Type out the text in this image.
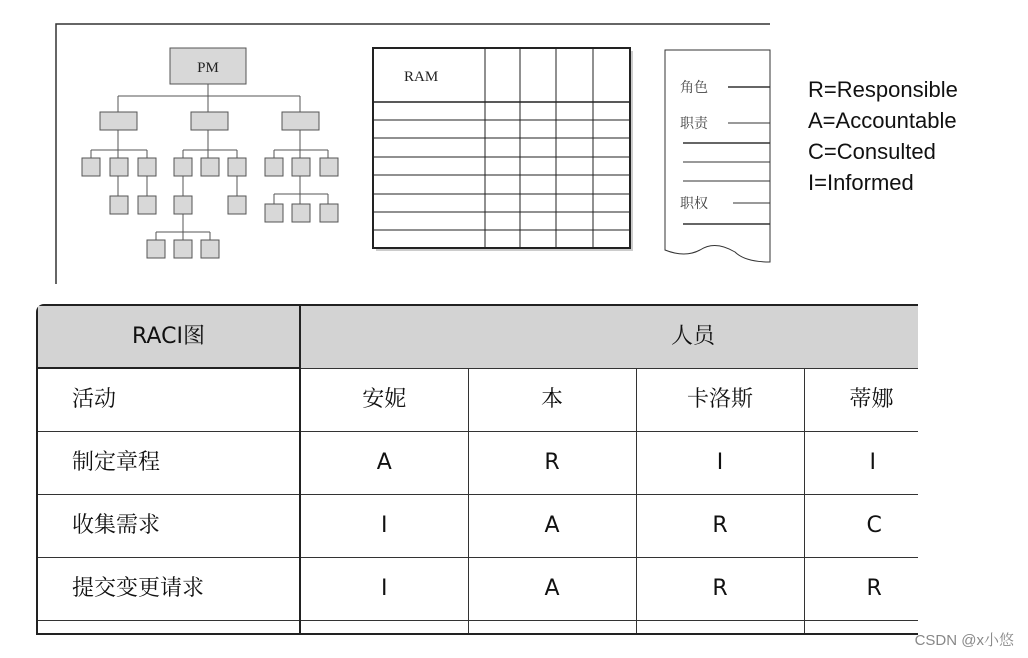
PM
RAM
角色
职责
职权
R=Responsible
A=Accountable
C=Consulted
I=Informed
RACI图	人员			
活动	安妮	本	卡洛斯	蒂娜
制定章程	A	R	I	I
收集需求	I	A	R	C
提交变更请求	I	A	R	R

CSDN @x小悠
